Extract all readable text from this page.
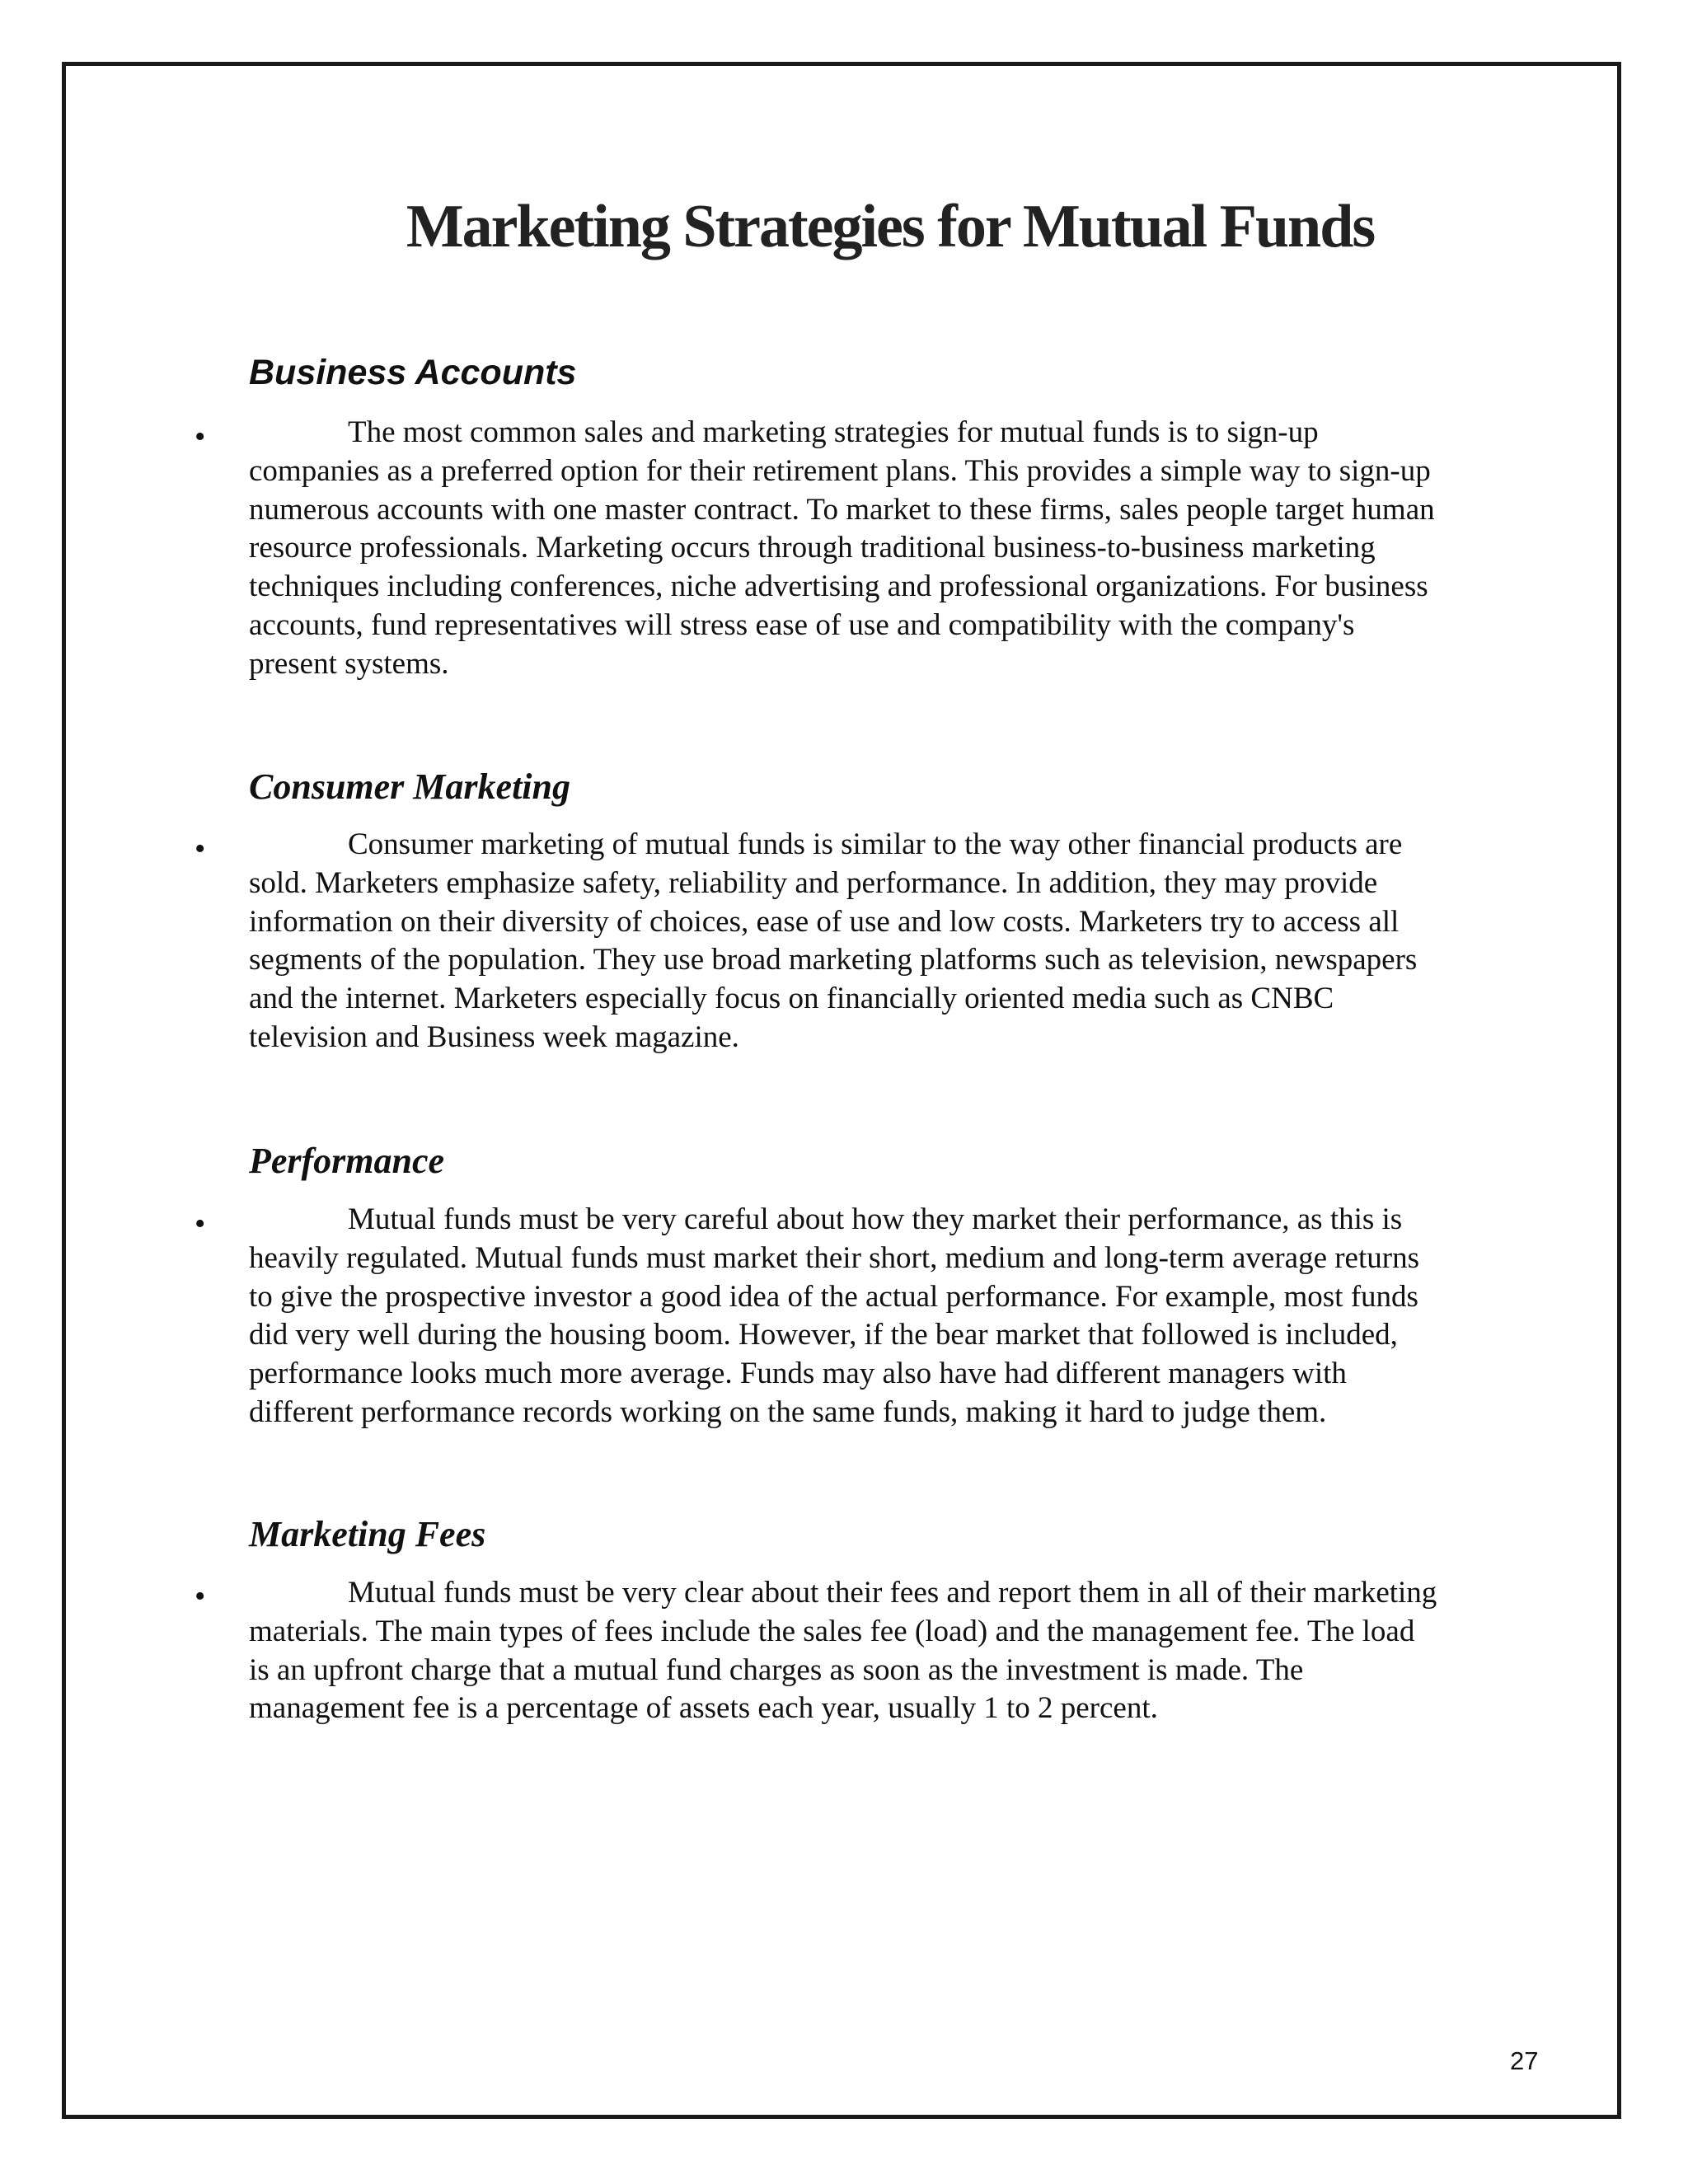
Marketing Strategies for Mutual Funds
Business Accounts
•	The most common sales and marketing strategies for mutual funds is to sign-up
companies as a preferred option for their retirement plans. This provides a simple way to sign-up
numerous accounts with one master contract. To market to these firms, sales people target human
resource professionals. Marketing occurs through traditional business-to-business marketing
techniques including conferences, niche advertising and professional organizations. For business
accounts, fund representatives will stress ease of use and compatibility with the company's
present systems.
Consumer Marketing
•	Consumer marketing of mutual funds is similar to the way other financial products are
sold. Marketers emphasize safety, reliability and performance. In addition, they may provide
information on their diversity of choices, ease of use and low costs. Marketers try to access all
segments of the population. They use broad marketing platforms such as television, newspapers
and the internet. Marketers especially focus on financially oriented media such as CNBC
television and Business week magazine.
Performance
•	Mutual funds must be very careful about how they market their performance, as this is
heavily regulated. Mutual funds must market their short, medium and long-term average returns
to give the prospective investor a good idea of the actual performance. For example, most funds
did very well during the housing boom. However, if the bear market that followed is included,
performance looks much more average. Funds may also have had different managers with
different performance records working on the same funds, making it hard to judge them.
Marketing Fees
•	Mutual funds must be very clear about their fees and report them in all of their marketing
materials. The main types of fees include the sales fee (load) and the management fee. The load
is an upfront charge that a mutual fund charges as soon as the investment is made. The
management fee is a percentage of assets each year, usually 1 to 2 percent.
27
